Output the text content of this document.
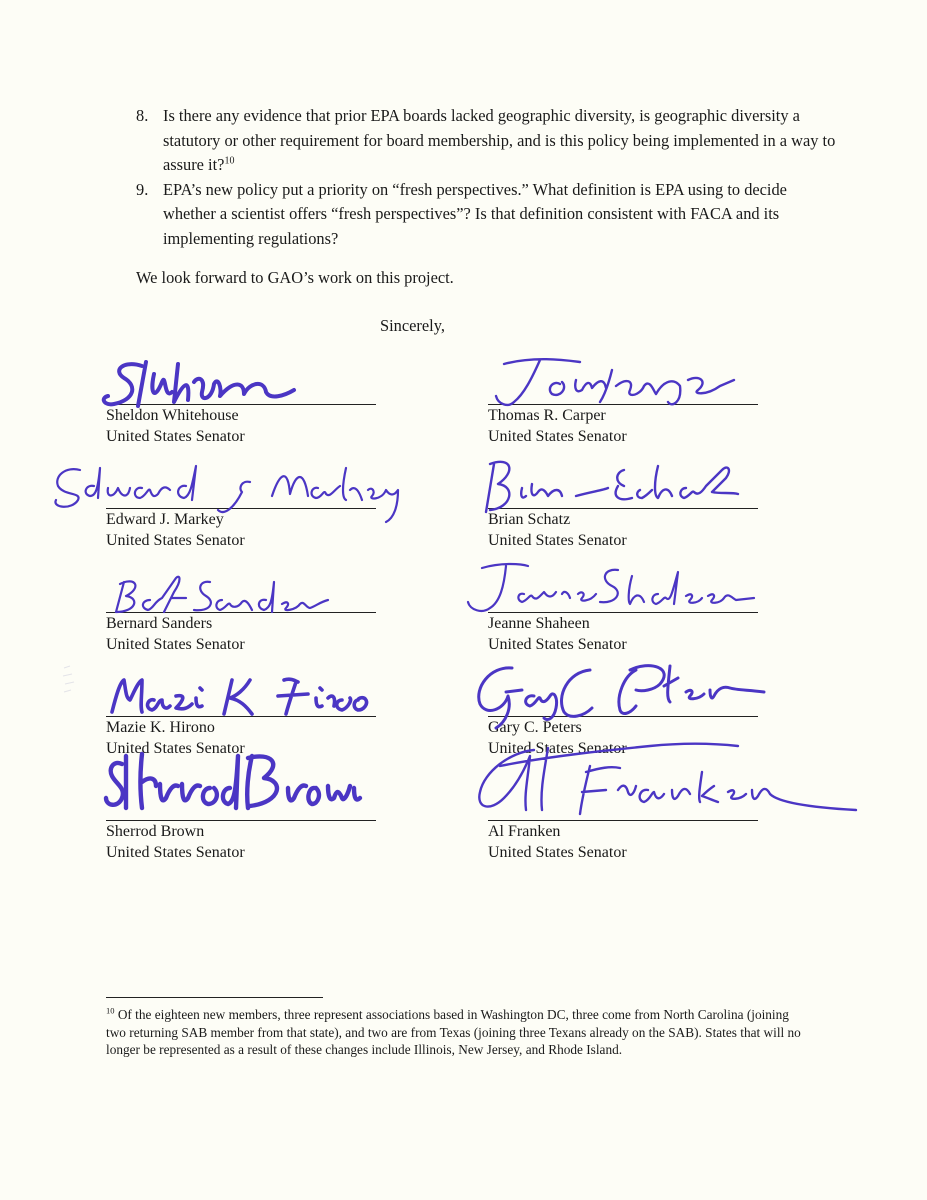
8. Is there any evidence that prior EPA boards lacked geographic diversity, is geographic diversity a statutory or other requirement for board membership, and is this policy being implemented in a way to assure it?$^{10}$
9. EPA’s new policy put a priority on “fresh perspectives.” What definition is EPA using to decide whether a scientist offers “fresh perspectives”? Is that definition consistent with FACA and its implementing regulations?

We look forward to GAO’s work on this project.

Sincerely,

Sheldon Whitehouse
United States Senator
Edward J. Markey
United States Senator
Bernard Sanders
United States Senator
Mazie K. Hirono
United States Senator
Sherrod Brown
United States Senator
Thomas R. Carper
United States Senator
Brian Schatz
United States Senator
Jeanne Shaheen
United States Senator
Gary C. Peters
United States Senator
Al Franken
United States Senator

$^{10}$ Of the eighteen new members, three represent associations based in Washington DC, three come from North Carolina (joining two returning SAB member from that state), and two are from Texas (joining three Texans already on the SAB). States that will no longer be represented as a result of these changes include Illinois, New Jersey, and Rhode Island.
